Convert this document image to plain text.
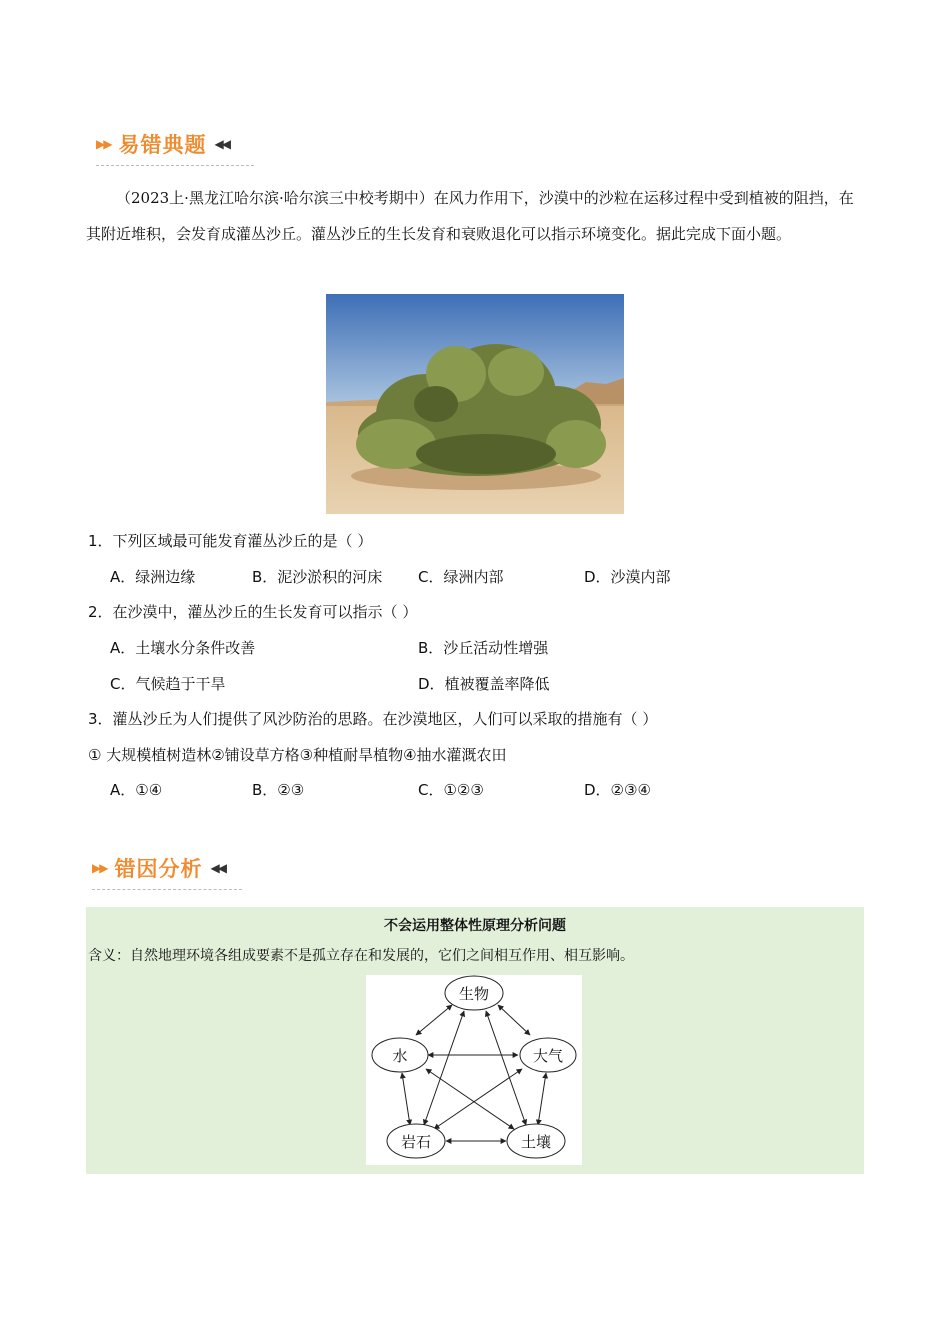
▶▶ 易错典题 ◀◀
（2023上·黑龙江哈尔滨·哈尔滨三中校考期中）在风力作用下，沙漠中的沙粒在运移过程中受到植被的阻挡，在其附近堆积，会发育成灌丛沙丘。灌丛沙丘的生长发育和衰败退化可以指示环境变化。据此完成下面小题。
1．下列区域最可能发育灌丛沙丘的是（ ）
A．绿洲边缘	B．泥沙淤积的河床 C．绿洲内部	D．沙漠内部
2．在沙漠中，灌丛沙丘的生长发育可以指示（ ）
A．土壤水分条件改善	B．沙丘活动性增强
C．气候趋于干旱	D．植被覆盖率降低
3．灌丛沙丘为人们提供了风沙防治的思路。在沙漠地区，人们可以采取的措施有（ ）
① 大规模植树造林②铺设草方格③种植耐旱植物④抽水灌溉农田
A．①④	B．②③	C．①②③	D．②③④
▶▶ 错因分析 ◀◀
不会运用整体性原理分析问题
含义：自然地理环境各组成要素不是孤立存在和发展的，它们之间相互作用、相互影响。
生物
水	大气
岩石	土壤
